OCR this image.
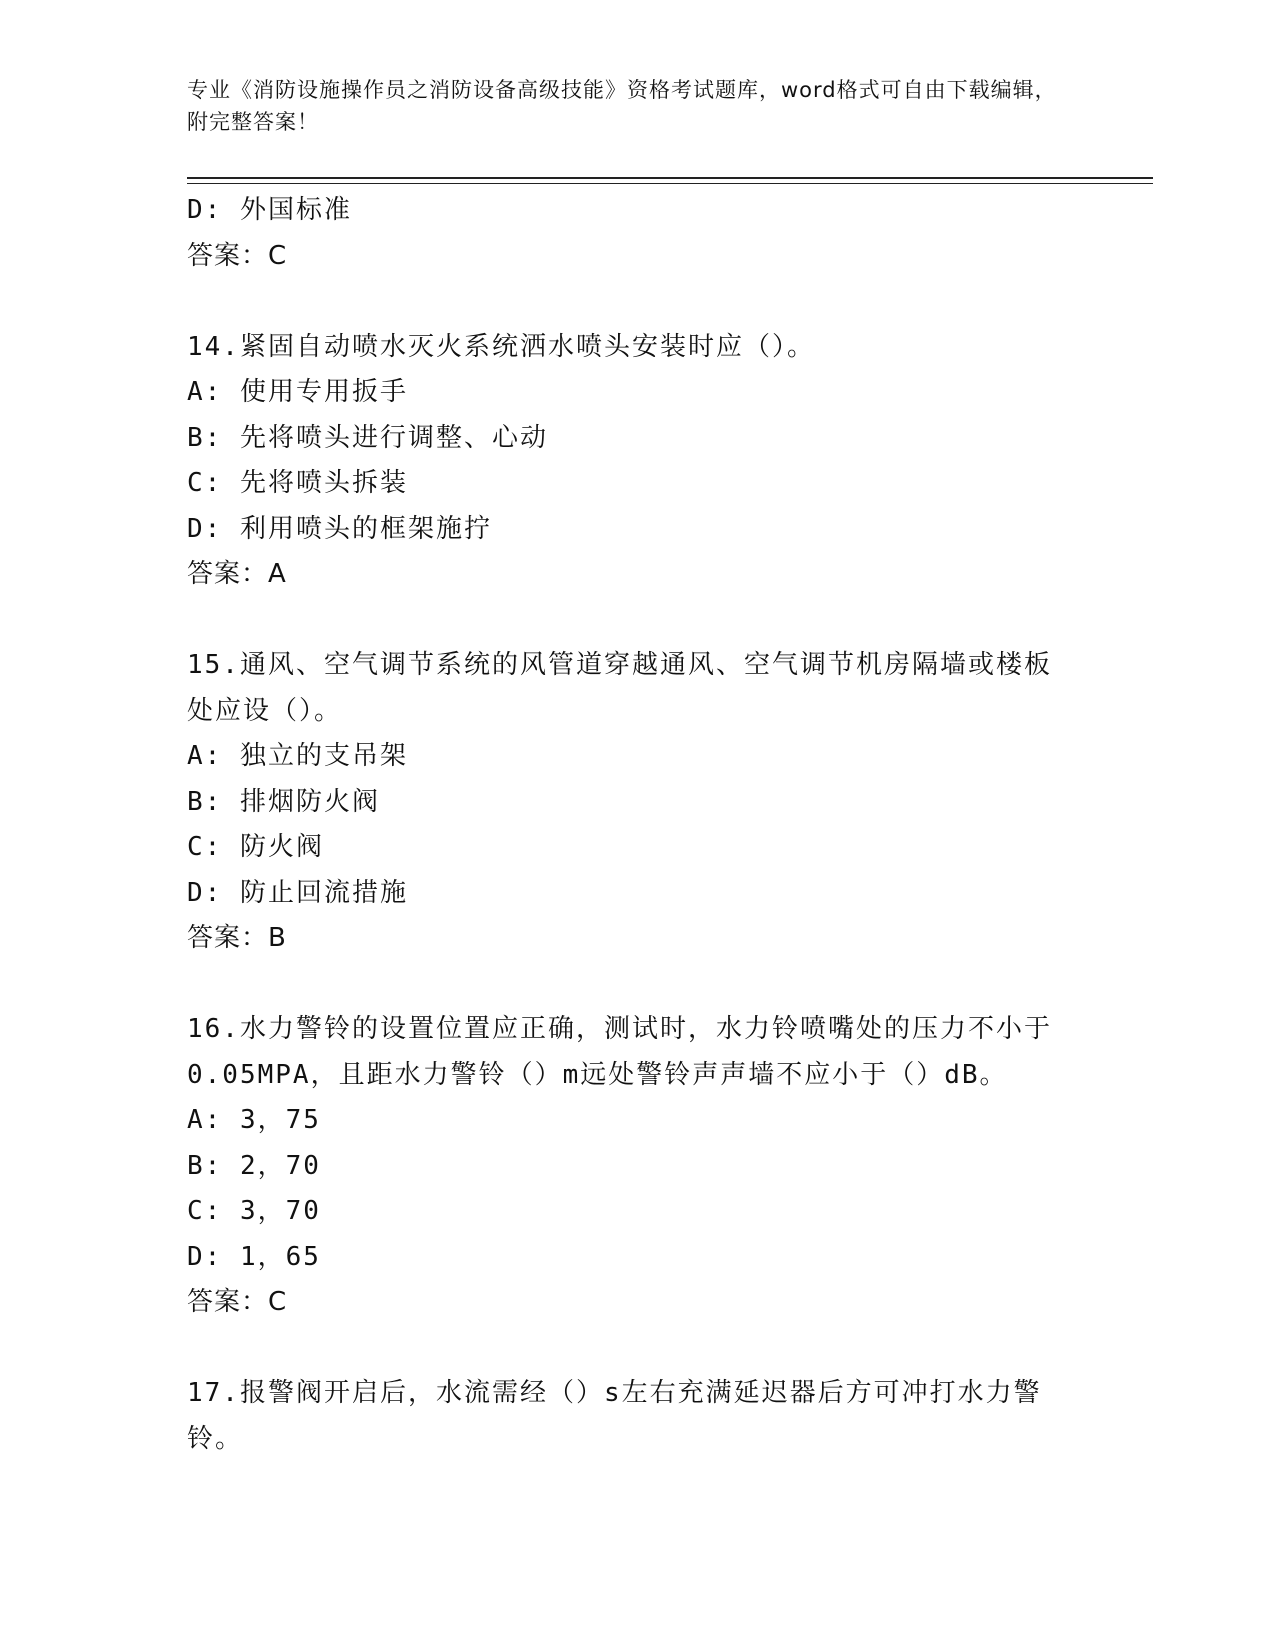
专业《消防设施操作员之消防设备高级技能》资格考试题库，word格式可自由下载编辑，附完整答案！
D: 外国标准
答案：C
14.紧固自动喷水灭火系统洒水喷头安装时应（）。
A: 使用专用扳手
B: 先将喷头进行调整、心动
C: 先将喷头拆装
D: 利用喷头的框架施拧
答案：A
15.通风、空气调节系统的风管道穿越通风、空气调节机房隔墙或楼板处应设（）。
A: 独立的支吊架
B: 排烟防火阀
C: 防火阀
D: 防止回流措施
答案：B
16.水力警铃的设置位置应正确，测试时，水力铃喷嘴处的压力不小于0.05MPA，且距水力警铃（）m远处警铃声声墙不应小于（）dB。
A: 3，75
B: 2，70
C: 3，70
D: 1，65
答案：C
17.报警阀开启后，水流需经（）s左右充满延迟器后方可冲打水力警铃。
